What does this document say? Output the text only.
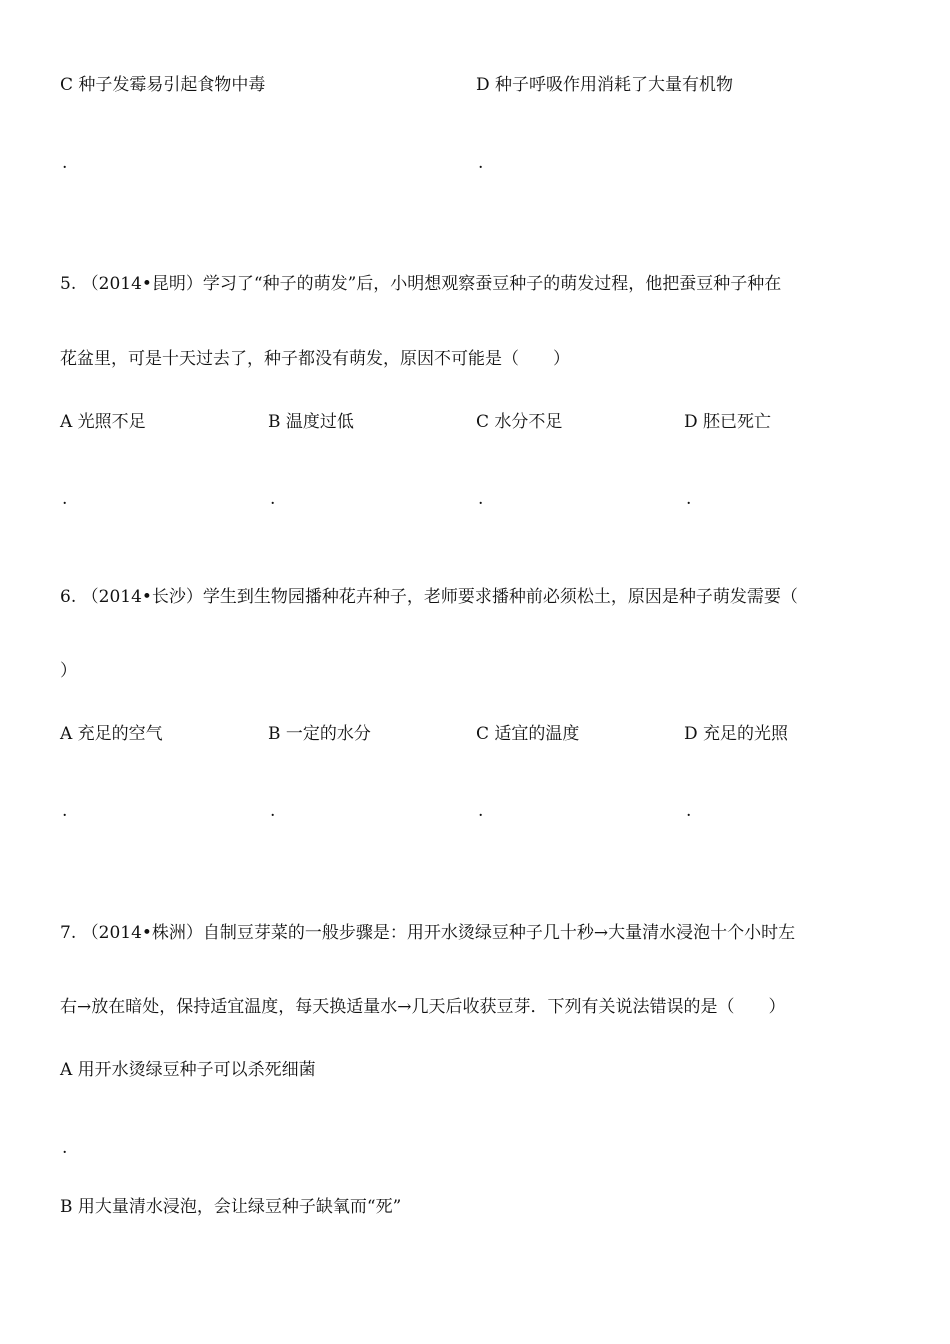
C 种子发霉易引起食物中毒	D 种子呼吸作用消耗了大量有机物
.	.
5. （2014•昆明）学习了“种子的萌发”后，小明想观察蚕豆种子的萌发过程，他把蚕豆种子种在
花盆里，可是十天过去了，种子都没有萌发，原因不可能是（　　）
A 光照不足	B 温度过低	C 水分不足	D 胚已死亡
.	.	.	.
6. （2014•长沙）学生到生物园播种花卉种子，老师要求播种前必须松土，原因是种子萌发需要（
）
A 充足的空气	B 一定的水分	C 适宜的温度	D 充足的光照
.	.	.	.
7. （2014•株洲）自制豆芽菜的一般步骤是：用开水烫绿豆种子几十秒→大量清水浸泡十个小时左
右→放在暗处，保持适宜温度，每天换适量水→几天后收获豆芽．下列有关说法错误的是（　　）
A 用开水烫绿豆种子可以杀死细菌
.
B 用大量清水浸泡，会让绿豆种子缺氧而“死”
